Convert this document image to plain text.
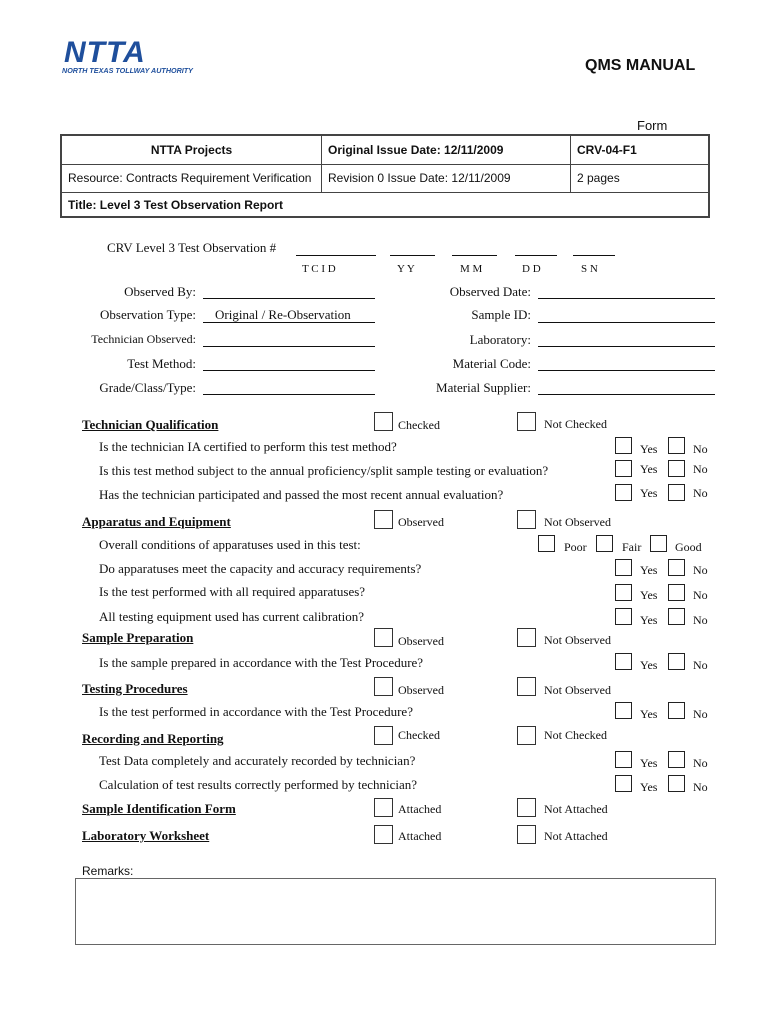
NTTA
NORTH TEXAS TOLLWAY AUTHORITY	QMS MANUAL
Form
NTTA Projects	Original Issue Date: 12/11/2009	CRV-04-F1
Resource: Contracts Requirement Verification	Revision 0 Issue Date: 12/11/2009	2 pages
Title: Level 3 Test Observation Report
CRV Level 3 Test Observation #
T C I D	Y Y	M M	D D	S N
Observed By:
Observation Type: Original / Re-Observation
Technician Observed:
Test Method:
Grade/Class/Type:
Observed Date:
Sample ID:
Laboratory:
Material Code:
Material Supplier:
Technician Qualification	Checked	Not Checked
Is the technician IA certified to perform this test method?	Yes	No
Is this test method subject to the annual proficiency/split sample testing or evaluation?	Yes	No
Has the technician participated and passed the most recent annual evaluation?	Yes	No
Apparatus and Equipment	Observed	Not Observed
Overall conditions of apparatuses used in this test:	Poor	Fair	Good
Do apparatuses meet the capacity and accuracy requirements?	Yes	No
Is the test performed with all required apparatuses?	Yes	No
All testing equipment used has current calibration?	Yes	No
Sample Preparation	Observed	Not Observed
Is the sample prepared in accordance with the Test Procedure?	Yes	No
Testing Procedures	Observed	Not Observed
Is the test performed in accordance with the Test Procedure?	Yes	No
Recording and Reporting	Checked	Not Checked
Test Data completely and accurately recorded by technician?	Yes	No
Calculation of test results correctly performed by technician?	Yes	No
Sample Identification Form	Attached	Not Attached
Laboratory Worksheet	Attached	Not Attached
Remarks:
